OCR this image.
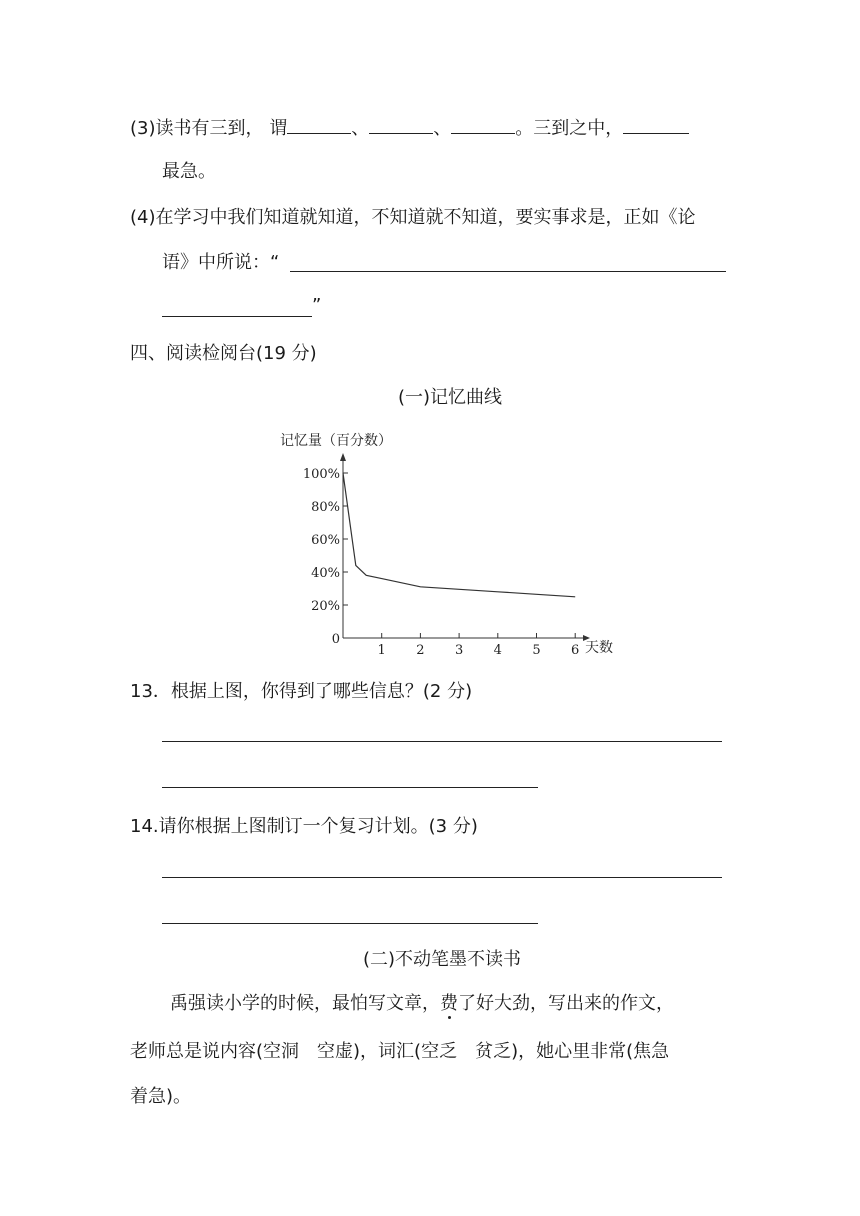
(3)读书有三到， 谓	、	、	。三到之中，
最急。
(4)在学习中我们知道就知道，不知道就不知道，要实事求是，正如《论
语》中所说：“
”
四、阅读检阅台(19 分)
(一)记忆曲线
记忆量（百分数）
天数
0
20%
40%
60%
80%
100%
1 2 3 4 5 6
13．根据上图，你得到了哪些信息？(2 分)
14.请你根据上图制订一个复习计划。(3 分)
(二)不动笔墨不读书
禹强读小学的时候，最怕写文章，费了好大劲，写出来的作文，
老师总是说内容(空洞　空虚)，词汇(空乏　贫乏)，她心里非常(焦急
着急)。
